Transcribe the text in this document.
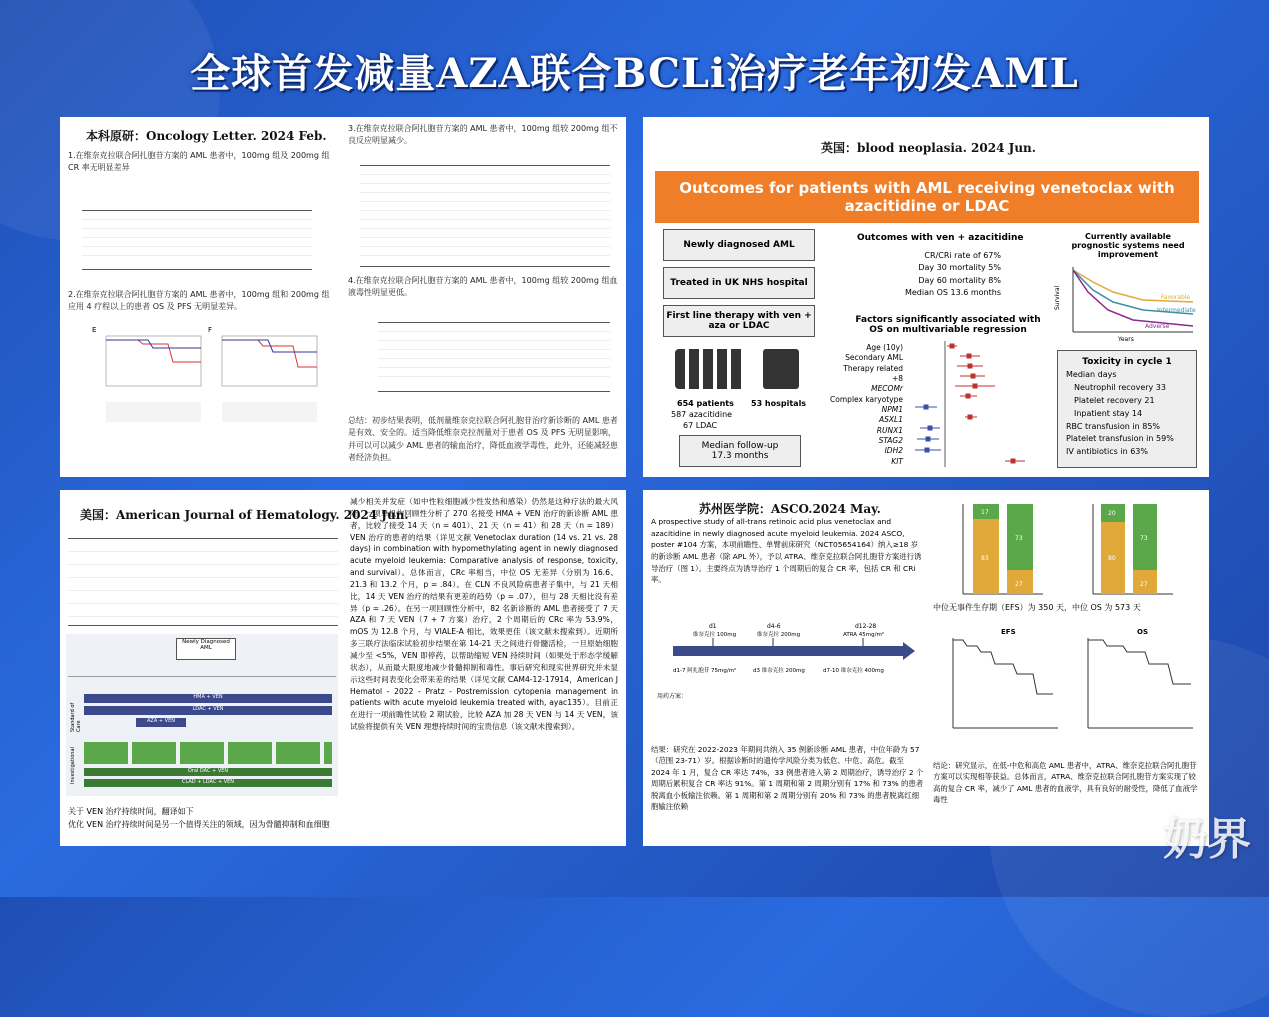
全球首发减量AZA联合BCLi治疗老年初发AML
本科原研：Oncology Letter. 2024 Feb.
1.在维奈克拉联合阿扎胞苷方案的 AML 患者中，100mg 组及 200mg 组 CR 率无明显差异
2.在维奈克拉联合阿扎胞苷方案的 AML 患者中，100mg 组和 200mg 组应用 4 疗程以上的患者 OS 及 PFS 无明显差异。
E	F
3.在维奈克拉联合阿扎胞苷方案的 AML 患者中，100mg 组较 200mg 组不良反应明显减少。
4.在维奈克拉联合阿扎胞苷方案的 AML 患者中，100mg 组较 200mg 组血液毒性明显更低。
总结：初步结果表明，低剂量维奈克拉联合阿扎胞苷治疗新诊断的 AML 患者是有效、安全的。适当降低维奈克拉剂量对于患者 OS 及 PFS 无明显影响，并可以可以减少 AML 患者的输血治疗，降低血液学毒性，此外，还能减轻患者经济负担。
英国：blood neoplasia. 2024 Jun.
Outcomes for patients with AML receiving venetoclax with azacitidine or LDAC
Newly diagnosed AML
Treated in UK NHS hospital
First line therapy with ven + aza or LDAC
654 patients
587 azacitidine
67 LDAC
53 hospitals
Median follow-up
17.3 months
Outcomes with ven + azacitidine
CR/CRi rate of 67%
Day 30 mortality 5%
Day 60 mortality 8%
Median OS 13.6 months
Factors significantly associated with OS on multivariable regression
Age (10y)
Secondary AML
Therapy related
+8
MECOMr
Complex karyotype
NPM1
ASXL1
RUNX1
STAG2
IDH2
KIT
Currently available prognostic systems need improvement
Survival
Years
Favorable
Intermediate
Adverse
Toxicity in cycle 1
Median days
Neutrophil recovery 33
Platelet recovery 21
Inpatient stay 14
RBC transfusion in 85%
Platelet transfusion in 59%
IV antibiotics in 63%
美国：American Journal of Hematology. 2024 Jun.
Newly Diagnosed AML
Standard of Care
HMA + VEN
LDAC + VEN
AZA + VEN
Investigational	Oral DAC + VEN
CLAD + LDAC + VEN
关于 VEN 治疗持续时间，翻译如下
优化 VEN 治疗持续时间是另一个值得关注的领域，因为骨髓抑制和血细胞
减少相关并发症（如中性粒细胞减少性发热和感染）仍然是这种疗法的最大风险。一项单机构回顾性分析了 270 名接受 HMA + VEN 治疗的新诊断 AML 患者，比较了接受 14 天（n = 401）、21 天（n = 41）和 28 天（n = 189）VEN 治疗的患者的结果（详见文献 Venetoclax duration (14 vs. 21 vs. 28 days) in combination with hypomethylating agent in newly diagnosed acute myeloid leukemia: Comparative analysis of response, toxicity, and survival）。总体而言，CRc 率相当，中位 OS 无差异（分别为 16.6、21.3 和 13.2 个月，p = .84）。在 CLN 不良风险病患者子集中，与 21 天相比，14 天 VEN 治疗的结果有更差的趋势（p = .07），但与 28 天相比没有差异（p = .26）。在另一项回顾性分析中，82 名新诊断的 AML 患者接受了 7 天 AZA 和 7 天 VEN（7 + 7 方案）治疗，2 个周期后的 CRc 率为 53.9%，mOS 为 12.8 个月，与 VIALE-A 相比，效果更佳（该文献未搜索到）。近期所多三联疗法临床试验初步结果在第 14-21 天之间进行骨髓活检，一旦原始细胞减少至 <5%，VEN 即停药，以帮助缩短 VEN 持续时间（如果处于形态学缓解状态），从而最大限度地减少骨髓抑制和毒性。事后研究和现实世界研究并未显示这些时间表变化会带来差的结果（详见文献 CAM4-12-17914，American J Hematol - 2022 - Pratz - Postremission cytopenia management in patients with acute myeloid leukemia treated with, ayac135）。目前正在进行一项前瞻性试验 2 期试验，比较 AZA 加 28 天 VEN 与 14 天 VEN，该试验将提供有关 VEN 理想持续时间的宝贵信息（该文献未搜索到）。
苏州医学院：ASCO.2024 May.
A prospective study of all-trans retinoic acid plus venetoclax and azacitidine in newly diagnosed acute myeloid leukemia. 2024 ASCO, poster #104 方案，本项前瞻性、单臂前床研究（NCT05654164）纳入≥18 岁的新诊断 AML 患者（除 APL 外），予以 ATRA、维奈克拉联合阿扎胞苷方案进行诱导治疗（图 1）。主要终点为诱导治疗 1 个周期后的复合 CR 率，包括 CR 和 CRi 率。
d1	d4-6	d12-28
维奈克拉 100mg	维奈克拉 200mg	ATRA 45mg/m²
d1-7 阿扎胞苷 75mg/m²	d3 维奈克拉 200mg	d7-10 维奈克拉 400mg
用药方案：
结果：研究在 2022-2023 年期间共纳入 35 例新诊断 AML 患者，中位年龄为 57（范围 23-71）岁。根据诊断时的遗传学风险分类为低危、中危、高危。截至 2024 年 1 月，复合 CR 率达 74%，33 例患者进入第 2 周期治疗，诱导治疗 2 个周期后累积复合 CR 率达 91%。第 1 周期和第 2 周期分别有 17% 和 73% 的患者脱离血小板输注依赖。第 1 周期和第 2 周期分别有 20% 和 73% 的患者脱离红细胞输注依赖
17
83
73
27
20
80
73
27
中位无事件生存期（EFS）为 350 天，中位 OS 为 573 天
EFS	OS
结论：研究显示，在低-中危和高危 AML 患者中，ATRA、维奈克拉联合阿扎胞苷方案可以实现相等获益。总体而言，ATRA、维奈克拉联合阿扎胞苷方案实现了较高的复合 CR 率，减少了 AML 患者的血液学，具有良好的耐受性，降低了血液学毒性
奶界
